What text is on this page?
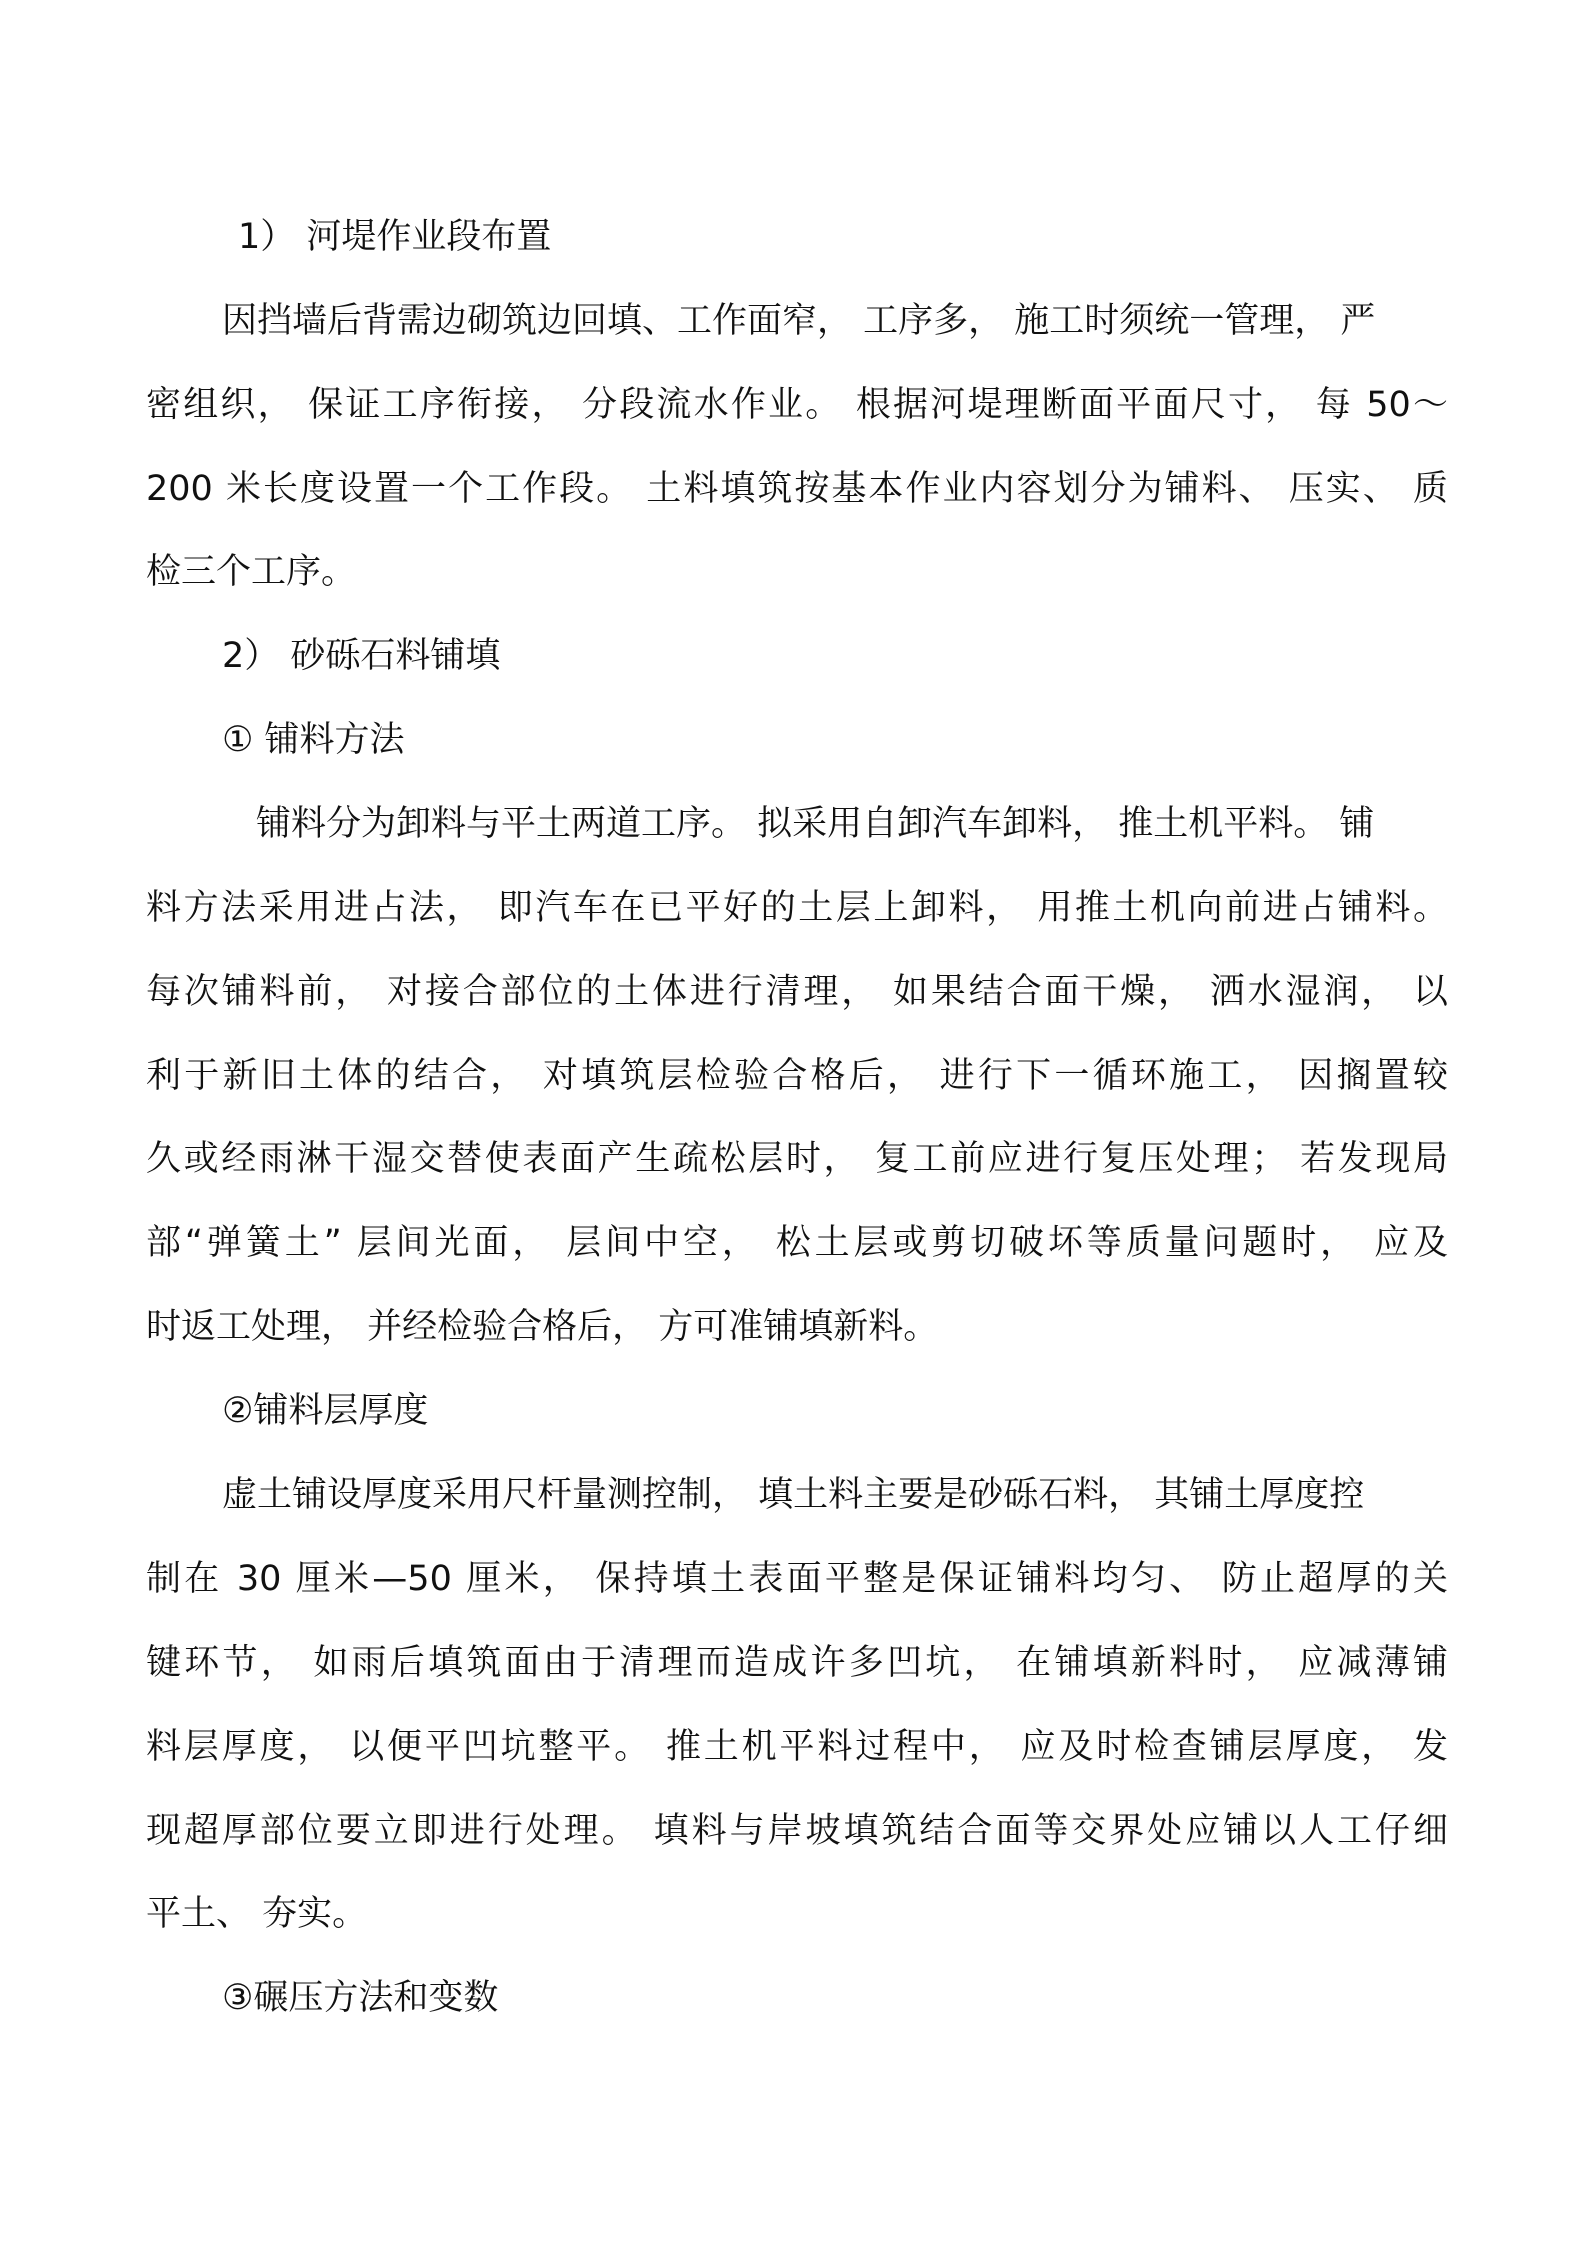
1） 河堤作业段布置
因挡墙后背需边砌筑边回填、工作面窄， 工序多， 施工时须统一管理， 严
密组织， 保证工序衔接， 分段流水作业。 根据河堤理断面平面尺寸， 每 50～
200 米长度设置一个工作段。 土料填筑按基本作业内容划分为铺料、 压实、 质
检三个工序。
2） 砂砾石料铺填
① 铺料方法
铺料分为卸料与平土两道工序。 拟采用自卸汽车卸料， 推土机平料。 铺
料方法采用进占法， 即汽车在已平好的土层上卸料， 用推土机向前进占铺料。
每次铺料前， 对接合部位的土体进行清理， 如果结合面干燥， 洒水湿润， 以
利于新旧土体的结合， 对填筑层检验合格后， 进行下一循环施工， 因搁置较
久或经雨淋干湿交替使表面产生疏松层时， 复工前应进行复压处理； 若发现局
部“弹簧土” 层间光面， 层间中空， 松土层或剪切破坏等质量问题时， 应及
时返工处理， 并经检验合格后， 方可准铺填新料。
②铺料层厚度
虚土铺设厚度采用尺杆量测控制， 填土料主要是砂砾石料， 其铺土厚度控
制在 30 厘米—50 厘米， 保持填土表面平整是保证铺料均匀、 防止超厚的关
键环节， 如雨后填筑面由于清理而造成许多凹坑， 在铺填新料时， 应减薄铺
料层厚度， 以便平凹坑整平。 推土机平料过程中， 应及时检查铺层厚度， 发
现超厚部位要立即进行处理。 填料与岸坡填筑结合面等交界处应铺以人工仔细
平土、 夯实。
③碾压方法和变数
